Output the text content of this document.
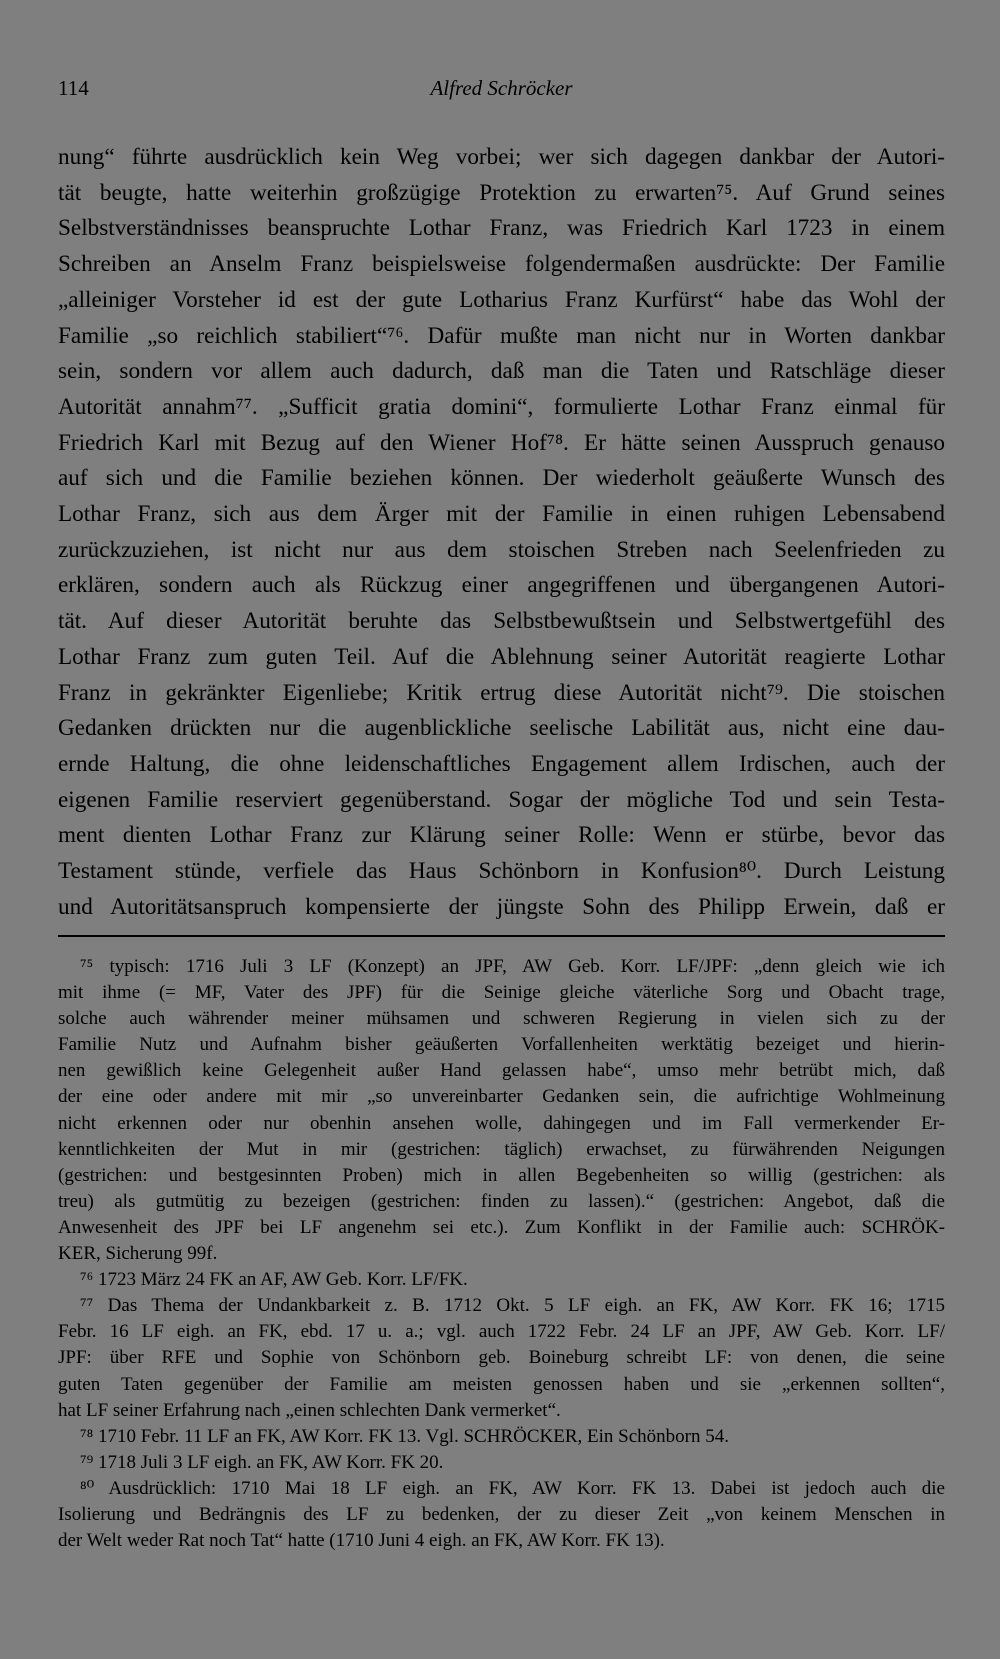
114	Alfred Schröcker
nung“ führte ausdrücklich kein Weg vorbei; wer sich dagegen dankbar der Autori-
tät beugte, hatte weiterhin großzügige Protektion zu erwarten⁷⁵. Auf Grund seines
Selbstverständnisses beanspruchte Lothar Franz, was Friedrich Karl 1723 in einem
Schreiben an Anselm Franz beispielsweise folgendermaßen ausdrückte: Der Familie
„alleiniger Vorsteher id est der gute Lotharius Franz Kurfürst“ habe das Wohl der
Familie „so reichlich stabiliert“⁷⁶. Dafür mußte man nicht nur in Worten dankbar
sein, sondern vor allem auch dadurch, daß man die Taten und Ratschläge dieser
Autorität annahm⁷⁷. „Sufficit gratia domini“, formulierte Lothar Franz einmal für
Friedrich Karl mit Bezug auf den Wiener Hof⁷⁸. Er hätte seinen Ausspruch genauso
auf sich und die Familie beziehen können. Der wiederholt geäußerte Wunsch des
Lothar Franz, sich aus dem Ärger mit der Familie in einen ruhigen Lebensabend
zurückzuziehen, ist nicht nur aus dem stoischen Streben nach Seelenfrieden zu
erklären, sondern auch als Rückzug einer angegriffenen und übergangenen Autori-
tät. Auf dieser Autorität beruhte das Selbstbewußtsein und Selbstwertgefühl des
Lothar Franz zum guten Teil. Auf die Ablehnung seiner Autorität reagierte Lothar
Franz in gekränkter Eigenliebe; Kritik ertrug diese Autorität nicht⁷⁹. Die stoischen
Gedanken drückten nur die augenblickliche seelische Labilität aus, nicht eine dau-
ernde Haltung, die ohne leidenschaftliches Engagement allem Irdischen, auch der
eigenen Familie reserviert gegenüberstand. Sogar der mögliche Tod und sein Testa-
ment dienten Lothar Franz zur Klärung seiner Rolle: Wenn er stürbe, bevor das
Testament stünde, verfiele das Haus Schönborn in Konfusion⁸⁰. Durch Leistung
und Autoritätsanspruch kompensierte der jüngste Sohn des Philipp Erwein, daß er
⁷⁵ typisch: 1716 Juli 3 LF (Konzept) an JPF, AW Geb. Korr. LF/JPF: „denn gleich wie ich
mit ihme (= MF, Vater des JPF) für die Seinige gleiche väterliche Sorg und Obacht trage,
solche auch währender meiner mühsamen und schweren Regierung in vielen sich zu der
Familie Nutz und Aufnahm bisher geäußerten Vorfallenheiten werktätig bezeiget und hierin-
nen gewißlich keine Gelegenheit außer Hand gelassen habe“, umso mehr betrübt mich, daß
der eine oder andere mit mir „so unvereinbarter Gedanken sein, die aufrichtige Wohlmeinung
nicht erkennen oder nur obenhin ansehen wolle, dahingegen und im Fall vermerkender Er-
kenntlichkeiten der Mut in mir (gestrichen: täglich) erwachset, zu fürwährenden Neigungen
(gestrichen: und bestgesinnten Proben) mich in allen Begebenheiten so willig (gestrichen: als
treu) als gutmütig zu bezeigen (gestrichen: finden zu lassen).“ (gestrichen: Angebot, daß die
Anwesenheit des JPF bei LF angenehm sei etc.). Zum Konflikt in der Familie auch: SCHRÖK-
KER, Sicherung 99f.
⁷⁶ 1723 März 24 FK an AF, AW Geb. Korr. LF/FK.
⁷⁷ Das Thema der Undankbarkeit z. B. 1712 Okt. 5 LF eigh. an FK, AW Korr. FK 16; 1715
Febr. 16 LF eigh. an FK, ebd. 17 u. a.; vgl. auch 1722 Febr. 24 LF an JPF, AW Geb. Korr. LF/
JPF: über RFE und Sophie von Schönborn geb. Boineburg schreibt LF: von denen, die seine
guten Taten gegenüber der Familie am meisten genossen haben und sie „erkennen sollten“,
hat LF seiner Erfahrung nach „einen schlechten Dank vermerket“.
⁷⁸ 1710 Febr. 11 LF an FK, AW Korr. FK 13. Vgl. SCHRÖCKER, Ein Schönborn 54.
⁷⁹ 1718 Juli 3 LF eigh. an FK, AW Korr. FK 20.
⁸⁰ Ausdrücklich: 1710 Mai 18 LF eigh. an FK, AW Korr. FK 13. Dabei ist jedoch auch die
Isolierung und Bedrängnis des LF zu bedenken, der zu dieser Zeit „von keinem Menschen in
der Welt weder Rat noch Tat“ hatte (1710 Juni 4 eigh. an FK, AW Korr. FK 13).
